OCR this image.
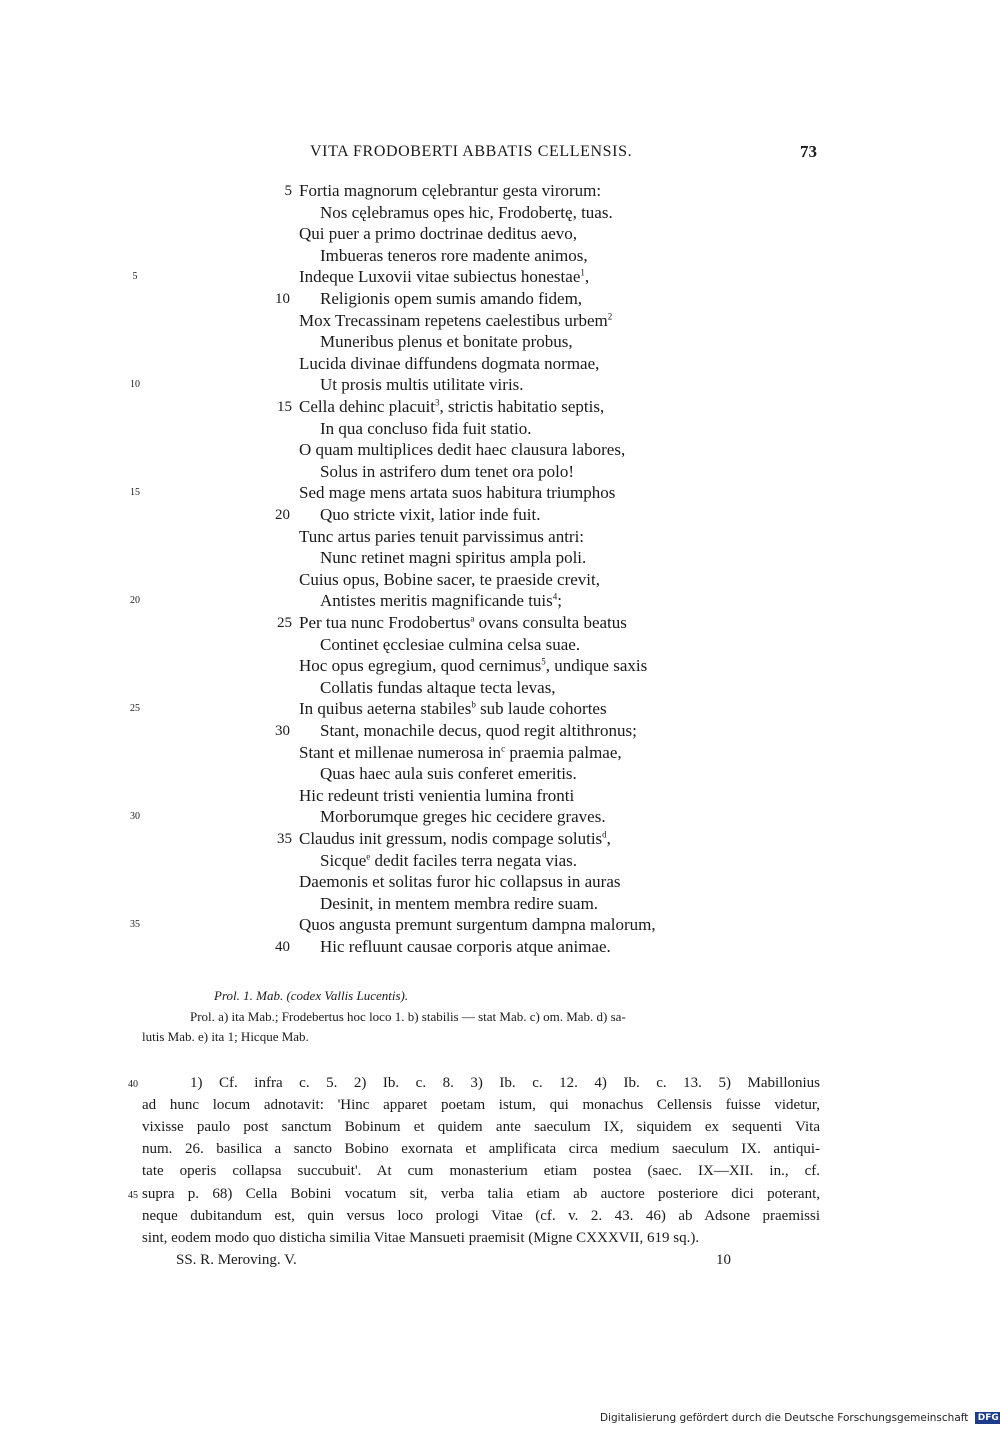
VITA FRODOBERTI ABBATIS CELLENSIS.	73
Fortia magnorum cęlebrantur gesta virorum:
5
Nos cęlebramus opes hic, Frodobertę, tuas.
Qui puer a primo doctrinae deditus aevo,
Imbueras teneros rore madente animos,
Indeque Luxovii vitae subiectus honestae$^1$,
Religionis opem sumis amando fidem,
10
Mox Trecassinam repetens caelestibus urbem$^2$
Muneribus plenus et bonitate probus,
Lucida divinae diffundens dogmata normae,
Ut prosis multis utilitate viris.
Cella dehinc placuit$^3$, strictis habitatio septis,
15
In qua concluso fida fuit statio.
O quam multiplices dedit haec clausura labores,
Solus in astrifero dum tenet ora polo!
Sed mage mens artata suos habitura triumphos
Quo stricte vixit, latior inde fuit.
20
Tunc artus paries tenuit parvissimus antri:
Nunc retinet magni spiritus ampla poli.
Cuius opus, Bobine sacer, te praeside crevit,
Antistes meritis magnificande tuis$^4$;
Per tua nunc Frodobertus$^a$ ovans consulta beatus
25
Continet ęcclesiae culmina celsa suae.
Hoc opus egregium, quod cernimus$^5$, undique saxis
Collatis fundas altaque tecta levas,
In quibus aeterna stabiles$^b$ sub laude cohortes
Stant, monachile decus, quod regit altithronus;
30
Stant et millenae numerosa $in^c$ praemia palmae,
Quas haec aula suis conferet emeritis.
Hic redeunt tristi venientia lumina fronti
Morborumque greges hic cecidere graves.
Claudus init gressum, nodis compage solutis$^d$,
35
Sicque$^e$ dedit faciles terra negata vias.
Daemonis et solitas furor hic collapsus in auras
Desinit, in mentem membra redire suam.
Quos angusta premunt surgentum dampna malorum,
Hic refluunt causae corporis atque animae.
40
5
10
15
20
25
30
35
Prol. 1. Mab. (codex Vallis Lucentis).
Prol. a) ita Mab.; Frodebertus hoc loco 1. b) stabilis — stat Mab. c) om. Mab. d) sa-
lutis Mab. e) ita 1; Hicque Mab.
1) Cf. infra c. 5. 2) Ib. c. 8. 3) Ib. c. 12. 4) Ib. c. 13. 5) Mabillonius
ad hunc locum adnotavit: 'Hinc apparet poetam istum, qui monachus Cellensis fuisse videtur,
vixisse paulo post sanctum Bobinum et quidem ante saeculum IX, siquidem ex sequenti Vita
num. 26. basilica a sancto Bobino exornata et amplificata circa medium saeculum IX. antiqui-
tate operis collapsa succubuit'. At cum monasterium etiam postea (saec. IX—XII. in., cf.
supra p. 68) Cella Bobini vocatum sit, verba talia etiam ab auctore posteriore dici poterant,
neque dubitandum est, quin versus loco prologi Vitae (cf. v. 2. 43. 46) ab Adsone praemissi
sint, eodem modo quo disticha similia Vitae Mansueti praemisit (Migne CXXXVII, 619 sq.).
40
45
SS. R. Meroving. V.	10
Digitalisierung gefördert durch die Deutsche Forschungsgemeinschaft DFG
